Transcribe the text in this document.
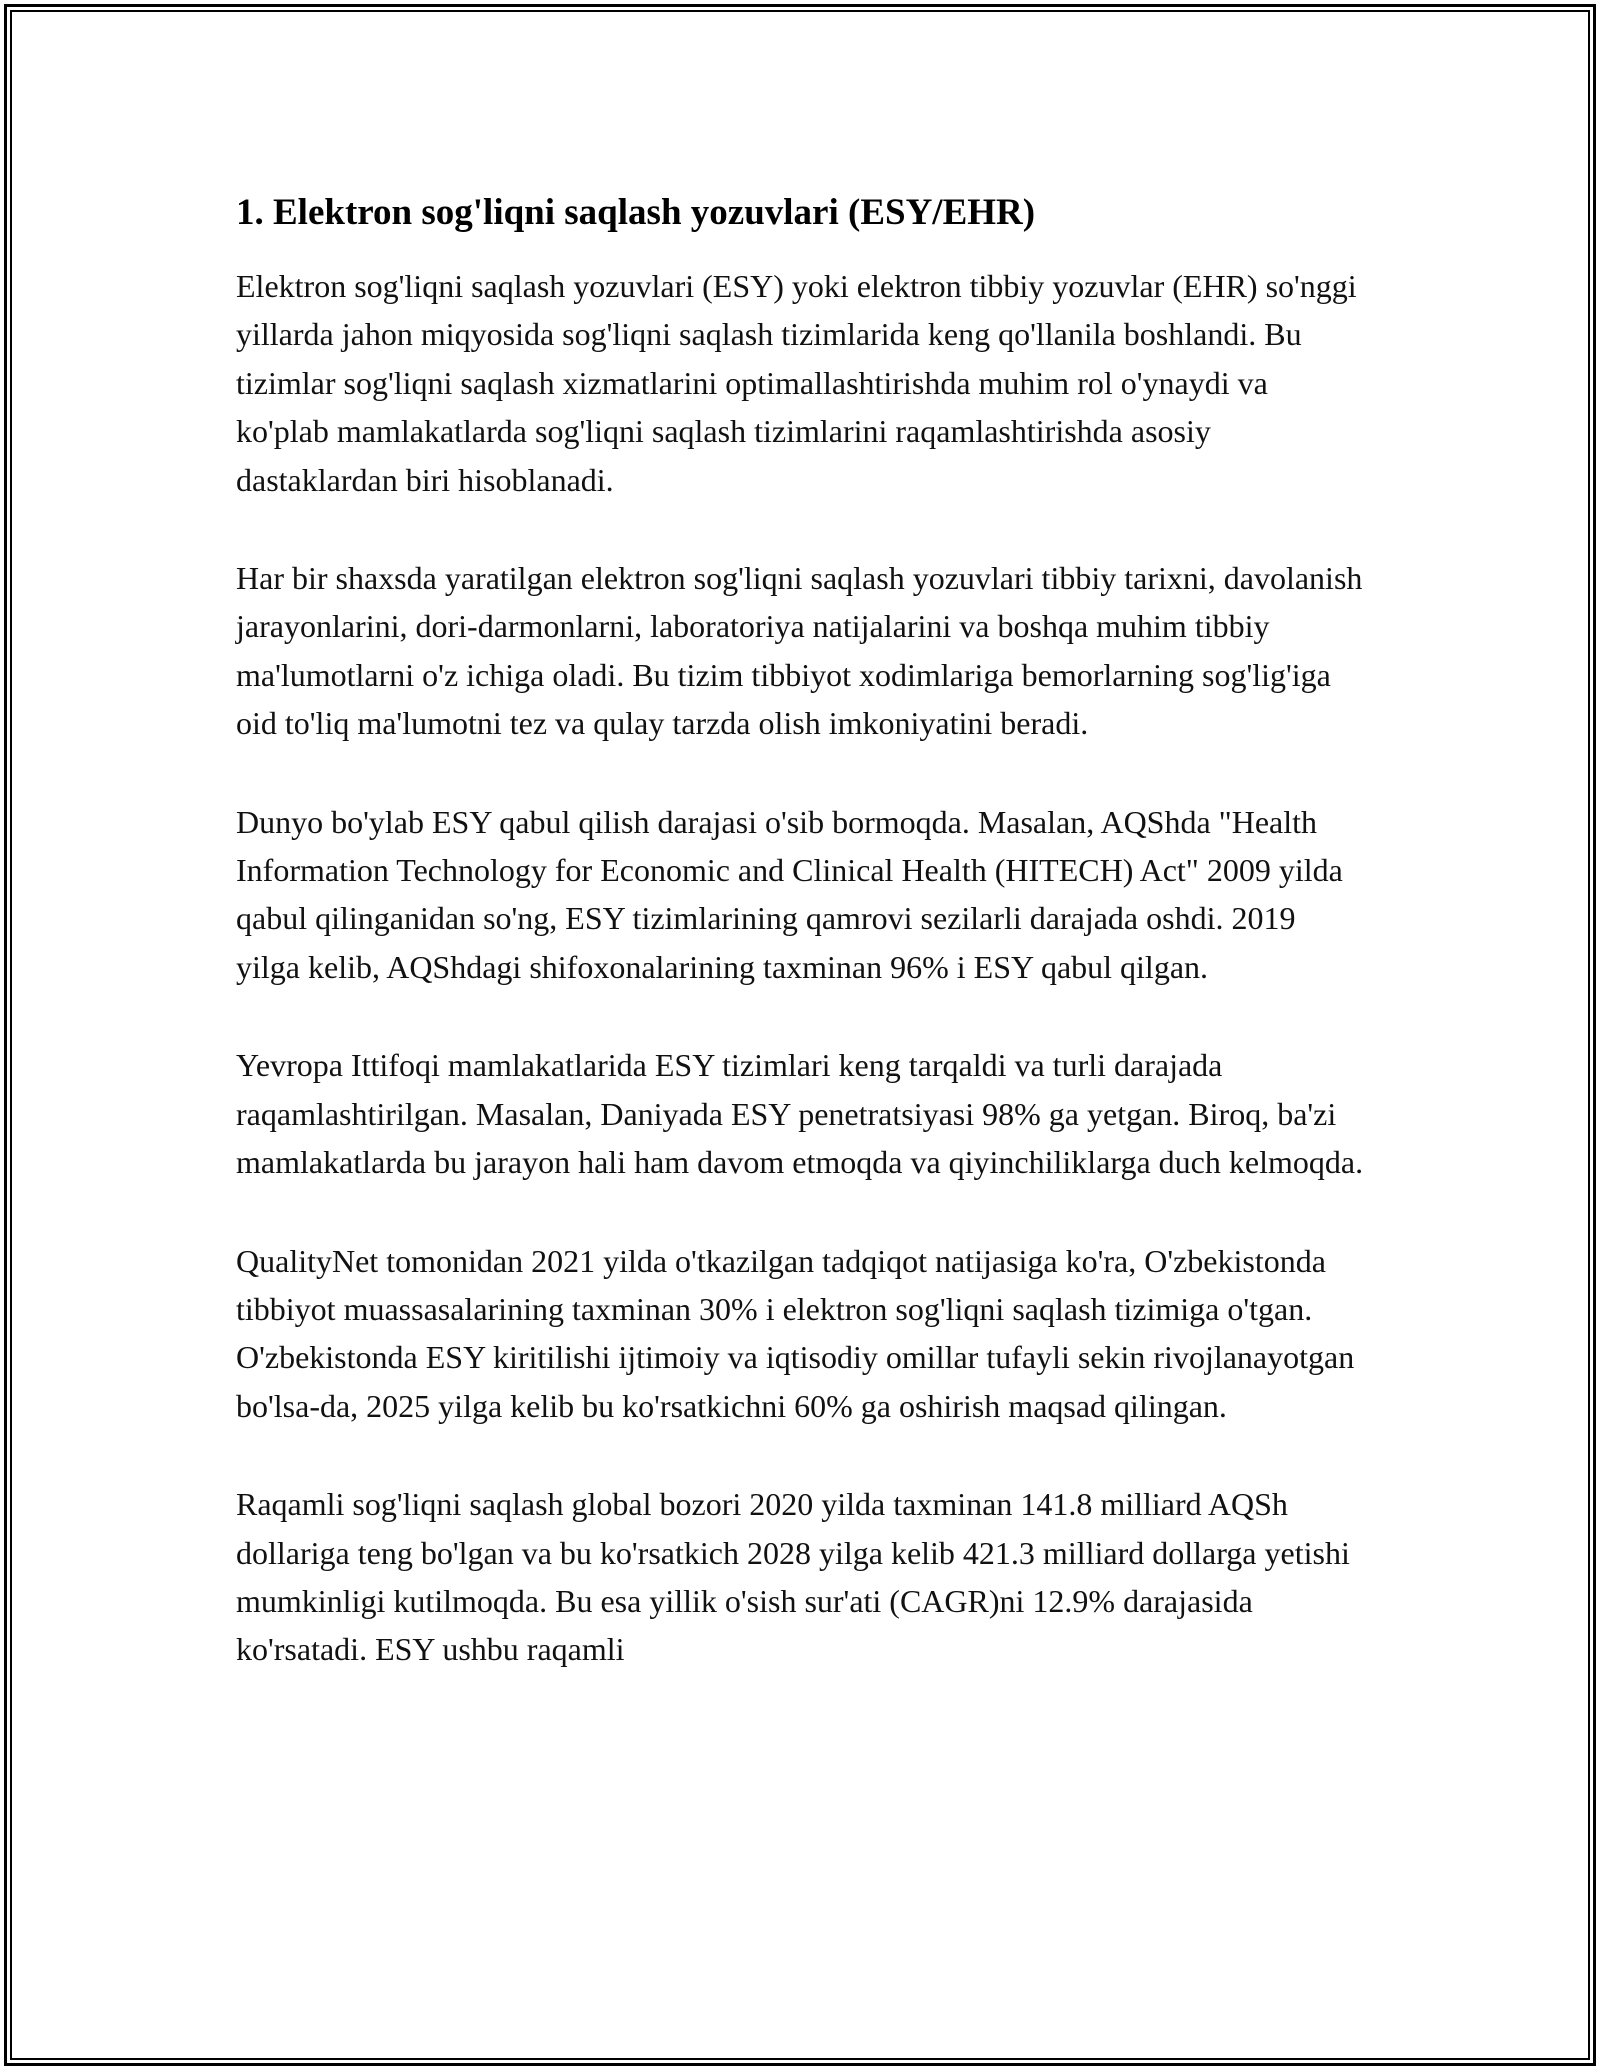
1. Elektron sog'liqni saqlash yozuvlari (ESY/EHR)

Elektron sog'liqni saqlash yozuvlari (ESY) yoki elektron tibbiy yozuvlar (EHR) so'nggi yillarda jahon miqyosida sog'liqni saqlash tizimlarida keng qo'llanila boshlandi. Bu tizimlar sog'liqni saqlash xizmatlarini optimallashtirishda muhim rol o'ynaydi va ko'plab mamlakatlarda sog'liqni saqlash tizimlarini raqamlashtirishda asosiy dastaklardan biri hisoblanadi.

Har bir shaxsda yaratilgan elektron sog'liqni saqlash yozuvlari tibbiy tarixni, davolanish jarayonlarini, dori-darmonlarni, laboratoriya natijalarini va boshqa muhim tibbiy ma'lumotlarni o'z ichiga oladi. Bu tizim tibbiyot xodimlariga bemorlarning sog'lig'iga oid to'liq ma'lumotni tez va qulay tarzda olish imkoniyatini beradi.

Dunyo bo'ylab ESY qabul qilish darajasi o'sib bormoqda. Masalan, AQShda "Health Information Technology for Economic and Clinical Health (HITECH) Act" 2009 yilda qabul qilinganidan so'ng, ESY tizimlarining qamrovi sezilarli darajada oshdi. 2019 yilga kelib, AQShdagi shifoxonalarining taxminan 96% i ESY qabul qilgan.

Yevropa Ittifoqi mamlakatlarida ESY tizimlari keng tarqaldi va turli darajada raqamlashtirilgan. Masalan, Daniyada ESY penetratsiyasi 98% ga yetgan. Biroq, ba'zi mamlakatlarda bu jarayon hali ham davom etmoqda va qiyinchiliklarga duch kelmoqda.

QualityNet tomonidan 2021 yilda o'tkazilgan tadqiqot natijasiga ko'ra, O'zbekistonda tibbiyot muassasalarining taxminan 30% i elektron sog'liqni saqlash tizimiga o'tgan. O'zbekistonda ESY kiritilishi ijtimoiy va iqtisodiy omillar tufayli sekin rivojlanayotgan bo'lsa-da, 2025 yilga kelib bu ko'rsatkichni 60% ga oshirish maqsad qilingan.

Raqamli sog'liqni saqlash global bozori 2020 yilda taxminan 141.8 milliard AQSh dollariga teng bo'lgan va bu ko'rsatkich 2028 yilga kelib 421.3 milliard dollarga yetishi mumkinligi kutilmoqda. Bu esa yillik o'sish sur'ati (CAGR)ni 12.9% darajasida ko'rsatadi. ESY ushbu raqamli
